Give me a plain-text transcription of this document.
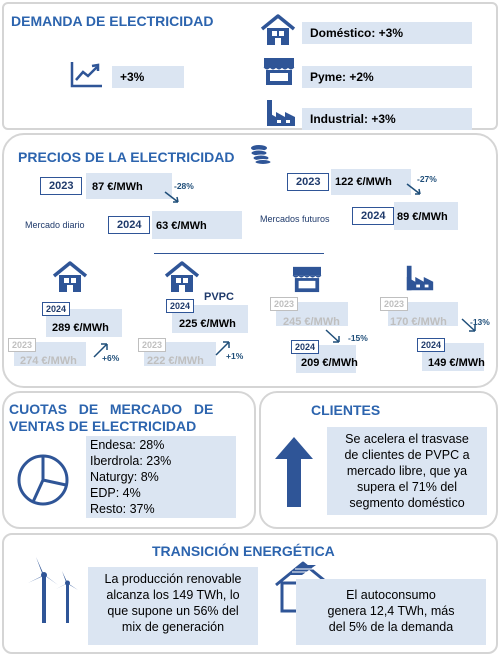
DEMANDA DE ELECTRICIDAD
+3%
Doméstico: +3%
Pyme: +2%
Industrial: +3%
PRECIOS DE LA ELECTRICIDAD
2023	87 €/MWh	-28%
Mercado diario	2024	63 €/MWh
2023	122 €/MWh	-27%
Mercados futuros	2024	89 €/MWh
PVPC
2024
289 €/MWh
2023
274 €/MWh	+6%
2024
225 €/MWh
2023
222 €/MWh	+1%
2023
245 €/MWh
-15%
2024
209 €/MWh
2023
170 €/MWh	-13%
2024
149 €/MWh
CUOTAS   DE   MERCADO   DE
VENTAS DE ELECTRICIDAD
Endesa: 28%
Iberdrola: 23%
Naturgy: 8%
EDP: 4%
Resto: 37%
CLIENTES
Se acelera el trasvase
de clientes de PVPC a
mercado libre, que ya
supera el 71% del
segmento doméstico
TRANSICIÓN ENERGÉTICA
La producción renovable
alcanza los 149 TWh, lo
que supone un 56% del
mix de generación
El autoconsumo
genera 12,4 TWh, más
del 5% de la demanda
